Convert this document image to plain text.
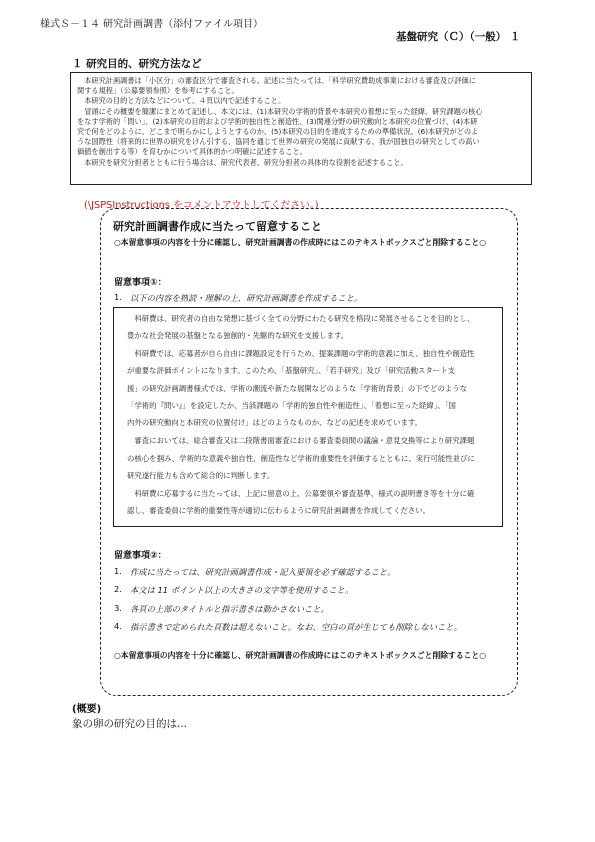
様式Ｓ－１４ 研究計画調書（添付ファイル項目）
基盤研究（Ｃ）（一般） １
１ 研究目的、研究方法など
　本研究計画調書は「小区分」の審査区分で審査される。記述に当たっては、「科学研究費助成事業における審査及び評価に
関する規程」（公募要領参照）を参考にすること。
　本研究の目的と方法などについて、４頁以内で記述すること。
　冒頭にその概要を簡潔にまとめて記述し、本文には、(1)本研究の学術的背景や本研究の着想に至った経緯、研究課題の核心
をなす学術的「問い」、(2)本研究の目的および学術的独自性と創造性、(3)関連分野の研究動向と本研究の位置づけ、(4)本研
究で何をどのように、どこまで明らかにしようとするのか、(5)本研究の目的を達成するための準備状況、(6)本研究がどのよ
うな国際性（将来的に世界の研究をけん引する、協同を通じて世界の研究の発展に貢献する、我が国独自の研究としての高い
価値を創出する等）を育むかについて具体的かつ明確に記述すること。
　本研究を研究分担者とともに行う場合は、研究代表者、研究分担者の具体的な役割を記述すること。
(\JSPSInstructions をコメントアウトしてください。)
研究計画調書作成に当たって留意すること
○本留意事項の内容を十分に確認し、研究計画調書の作成時にはこのテキストボックスごと削除すること○
留意事項①：
1. 以下の内容を熟読・理解の上、研究計画調書を作成すること。
　科研費は、研究者の自由な発想に基づく全ての分野にわたる研究を格段に発展させることを目的とし、
豊かな社会発展の基盤となる独創的・先駆的な研究を支援します。
　科研費では、応募者が自ら自由に課題設定を行うため、提案課題の学術的意義に加え、独自性や創造性
が重要な評価ポイントになります。このため、「基盤研究」、「若手研究」及び「研究活動スタート支
援」の研究計画調書様式では、学術の潮流や新たな展開などのような「学術的背景」の下でどのような
「学術的『問い』」を設定したか、当該課題の「学術的独自性や創造性」、「着想に至った経緯」、「国
内外の研究動向と本研究の位置付け」はどのようなものか、などの記述を求めています。
　審査においては、総合審査又は二段階書面審査における審査委員間の議論・意見交換等により研究課題
の核心を掴み、学術的な意義や独自性、創造性など学術的重要性を評価するとともに、実行可能性並びに
研究遂行能力も含めて総合的に判断します。
　科研費に応募するに当たっては、上記に留意の上、公募要領や審査基準、様式の説明書き等を十分に確
認し、審査委員に学術的重要性等が適切に伝わるように研究計画調書を作成してください。
留意事項②：
1. 作成に当たっては、研究計画調書作成・記入要領を必ず確認すること。
2. 本文は 11 ポイント以上の大きさの文字等を使用すること。
3. 各頁の上部のタイトルと指示書きは動かさないこと。
4. 指示書きで定められた頁数は超えないこと。なお、空白の頁が生じても削除しないこと。
○本留意事項の内容を十分に確認し、研究計画調書の作成時にはこのテキストボックスごと削除すること○
(概要)
象の卵の研究の目的は...
